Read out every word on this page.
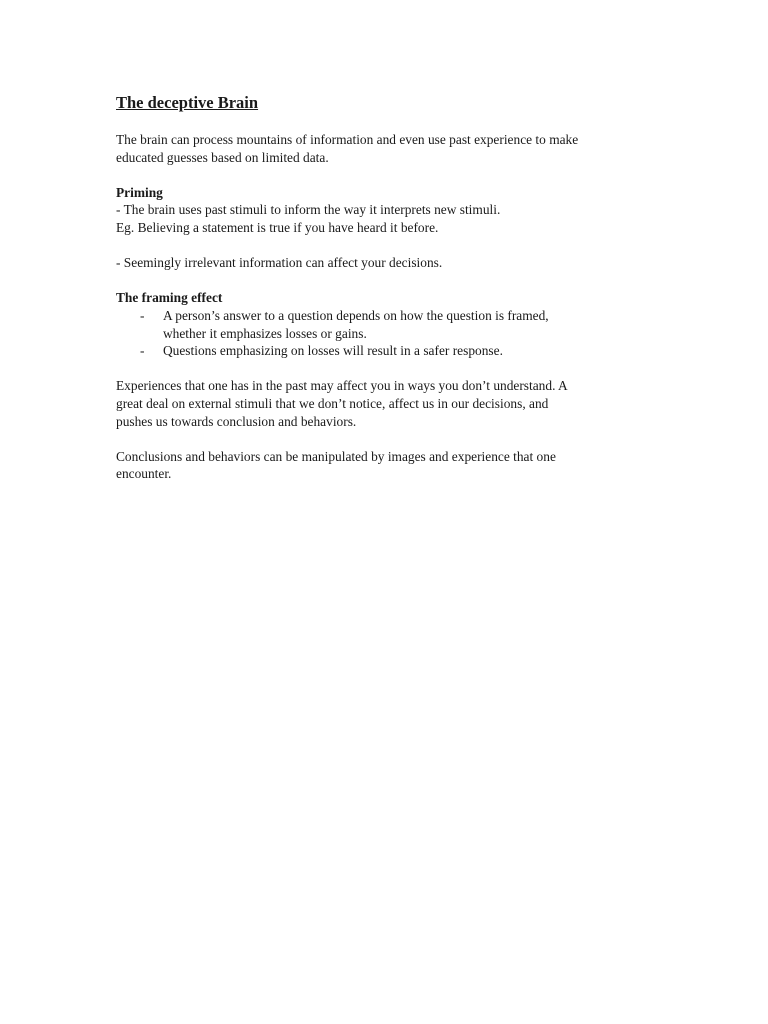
The deceptive Brain
The brain can process mountains of information and even use past experience to make
educated guesses based on limited data.
Priming
- The brain uses past stimuli to inform the way it interprets new stimuli.
Eg. Believing a statement is true if you have heard it before.
- Seemingly irrelevant information can affect your decisions.
The framing effect
- A person’s answer to a question depends on how the question is framed,
whether it emphasizes losses or gains.
- Questions emphasizing on losses will result in a safer response.
Experiences that one has in the past may affect you in ways you don’t understand. A
great deal on external stimuli that we don’t notice, affect us in our decisions, and
pushes us towards conclusion and behaviors.
Conclusions and behaviors can be manipulated by images and experience that one
encounter.
